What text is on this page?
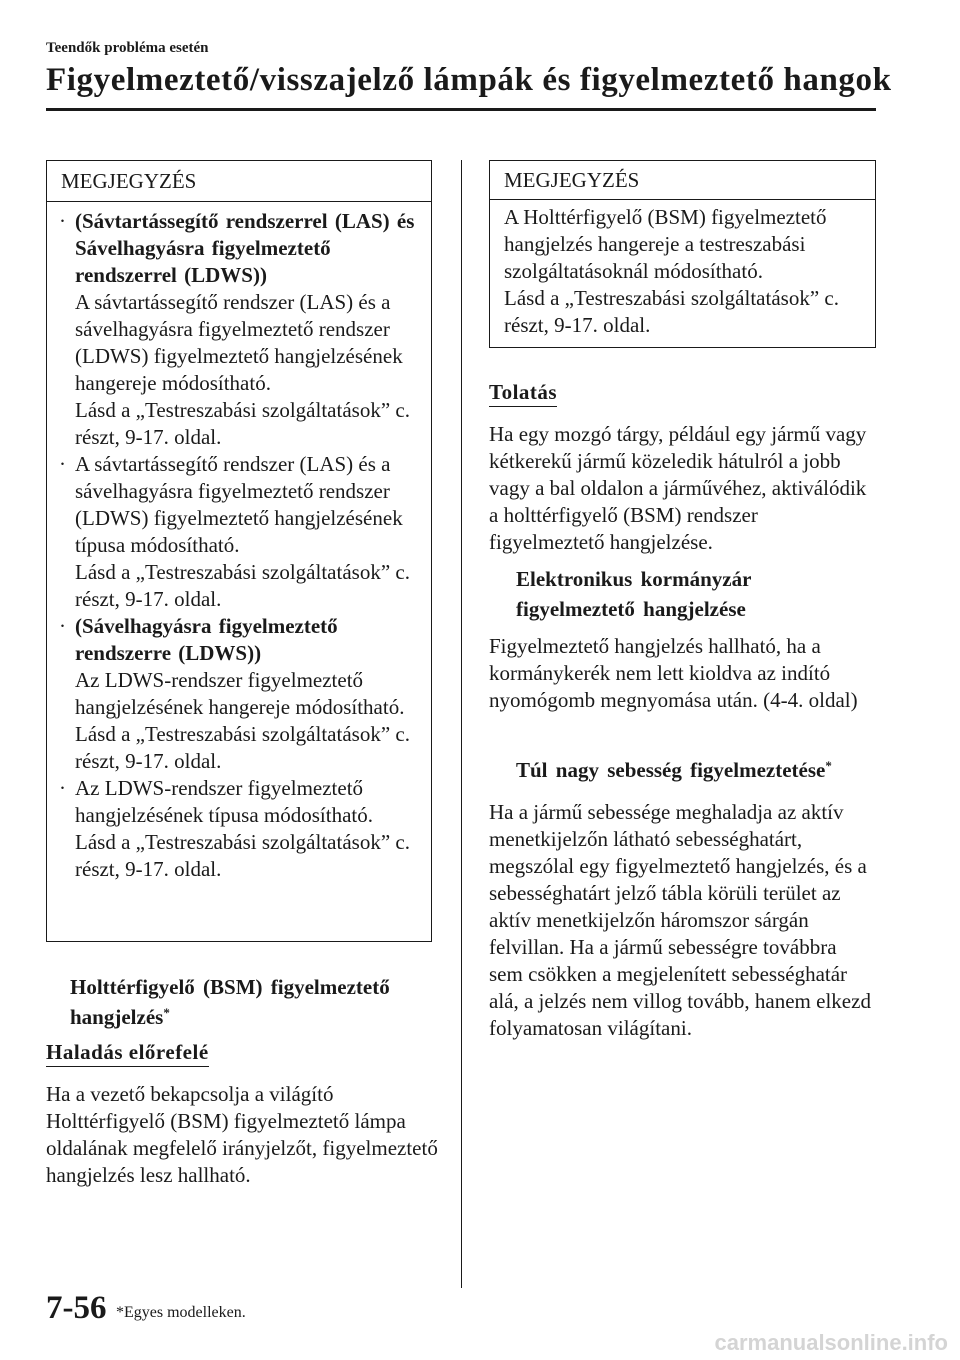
Teendők probléma esetén
Figyelmeztető/visszajelző lámpák és figyelmeztető hangok
MEGJEGYZÉS
· (Sávtartássegítő rendszerrel (LAS) és Sávelhagyásra figyelmeztető rendszerrel (LDWS))
A sávtartássegítő rendszer (LAS) és a sávelhagyásra figyelmeztető rendszer (LDWS) figyelmeztető hangjelzésének hangereje módosítható.
Lásd a „Testreszabási szolgáltatások” c. részt, 9-17. oldal.
· A sávtartássegítő rendszer (LAS) és a sávelhagyásra figyelmeztető rendszer (LDWS) figyelmeztető hangjelzésének típusa módosítható.
Lásd a „Testreszabási szolgáltatások” c. részt, 9-17. oldal.
· (Sávelhagyásra figyelmeztető rendszerre (LDWS))
Az LDWS-rendszer figyelmeztető hangjelzésének hangereje módosítható.
Lásd a „Testreszabási szolgáltatások” c. részt, 9-17. oldal.
· Az LDWS-rendszer figyelmeztető hangjelzésének típusa módosítható.
Lásd a „Testreszabási szolgáltatások” c. részt, 9-17. oldal.
Holttérfigyelő (BSM) figyelmeztető hangjelzés*
Haladás előrefelé
Ha a vezető bekapcsolja a világító Holttérfigyelő (BSM) figyelmeztető lámpa oldalának megfelelő irányjelzőt, figyelmeztető hangjelzés lesz hallható.
MEGJEGYZÉS
A Holttérfigyelő (BSM) figyelmeztető hangjelzés hangereje a testreszabási szolgáltatásoknál módosítható.
Lásd a „Testreszabási szolgáltatások” c. részt, 9-17. oldal.
Tolatás
Ha egy mozgó tárgy, például egy jármű vagy kétkerekű jármű közeledik hátulról a jobb vagy a bal oldalon a járművéhez, aktiválódik a holttérfigyelő (BSM) rendszer figyelmeztető hangjelzése.
Elektronikus kormányzár figyelmeztető hangjelzése
Figyelmeztető hangjelzés hallható, ha a kormánykerék nem lett kioldva az indító nyomógomb megnyomása után. (4-4. oldal)
Túl nagy sebesség figyelmeztetése*
Ha a jármű sebessége meghaladja az aktív menetkijelzőn látható sebességhatárt, megszólal egy figyelmeztető hangjelzés, és a sebességhatárt jelző tábla körüli terület az aktív menetkijelzőn háromszor sárgán felvillan. Ha a jármű sebességre továbbra sem csökken a megjelenített sebességhatár alá, a jelzés nem villog tovább, hanem elkezd folyamatosan világítani.
7-56 *Egyes modelleken.
carmanualsonline.info
